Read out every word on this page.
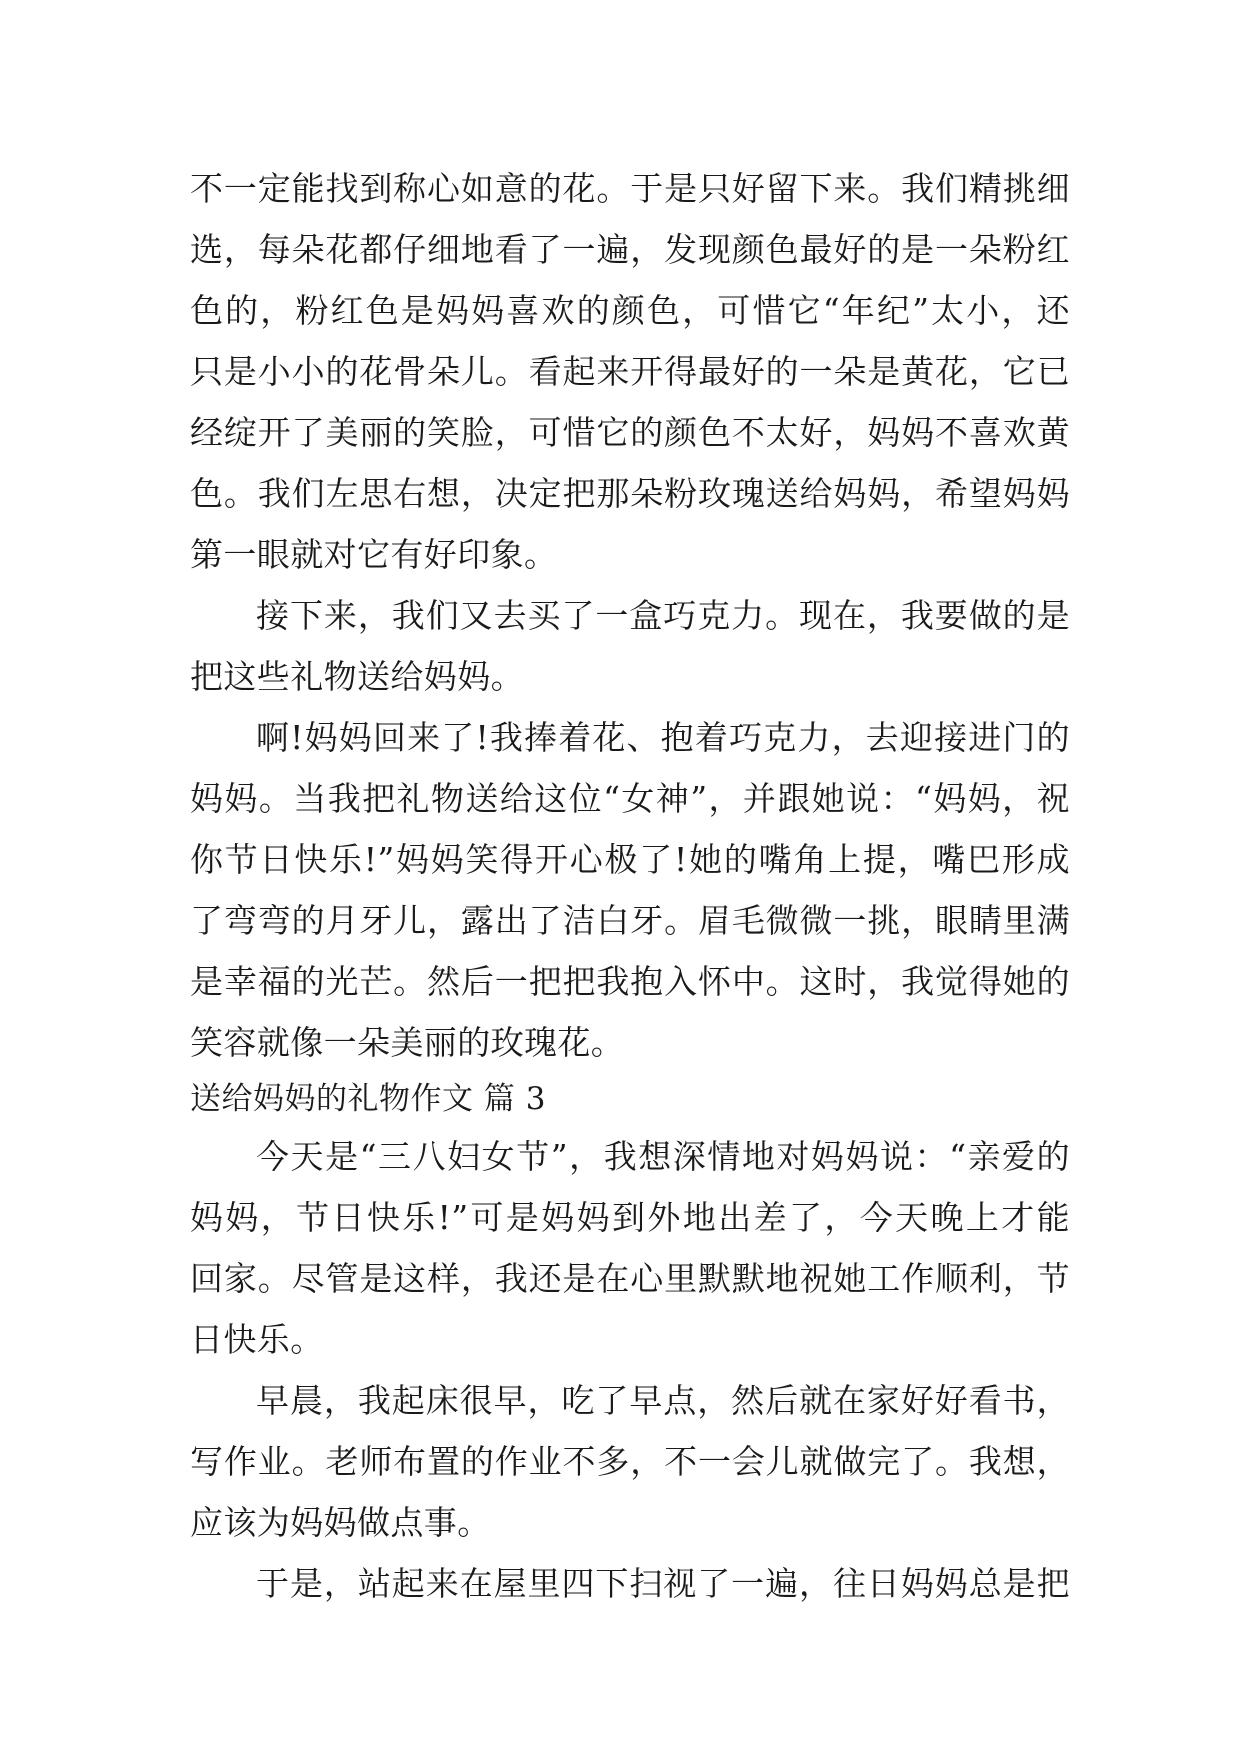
不一定能找到称心如意的花。于是只好留下来。我们精挑细
选，每朵花都仔细地看了一遍，发现颜色最好的是一朵粉红
色的，粉红色是妈妈喜欢的颜色，可惜它“年纪”太小，还
只是小小的花骨朵儿。看起来开得最好的一朵是黄花，它已
经绽开了美丽的笑脸，可惜它的颜色不太好，妈妈不喜欢黄
色。我们左思右想，决定把那朵粉玫瑰送给妈妈，希望妈妈
第一眼就对它有好印象。
接下来，我们又去买了一盒巧克力。现在，我要做的是
把这些礼物送给妈妈。
啊!妈妈回来了!我捧着花、抱着巧克力，去迎接进门的
妈妈。当我把礼物送给这位“女神”，并跟她说：“妈妈，祝
你节日快乐!”妈妈笑得开心极了!她的嘴角上提，嘴巴形成
了弯弯的月牙儿，露出了洁白牙。眉毛微微一挑，眼睛里满
是幸福的光芒。然后一把把我抱入怀中。这时，我觉得她的
笑容就像一朵美丽的玫瑰花。
送给妈妈的礼物作文 篇 3
今天是“三八妇女节”，我想深情地对妈妈说：“亲爱的
妈妈，节日快乐!”可是妈妈到外地出差了，今天晚上才能
回家。尽管是这样，我还是在心里默默地祝她工作顺利，节
日快乐。
早晨，我起床很早，吃了早点，然后就在家好好看书，
写作业。老师布置的作业不多，不一会儿就做完了。我想，
应该为妈妈做点事。
于是，站起来在屋里四下扫视了一遍，往日妈妈总是把
